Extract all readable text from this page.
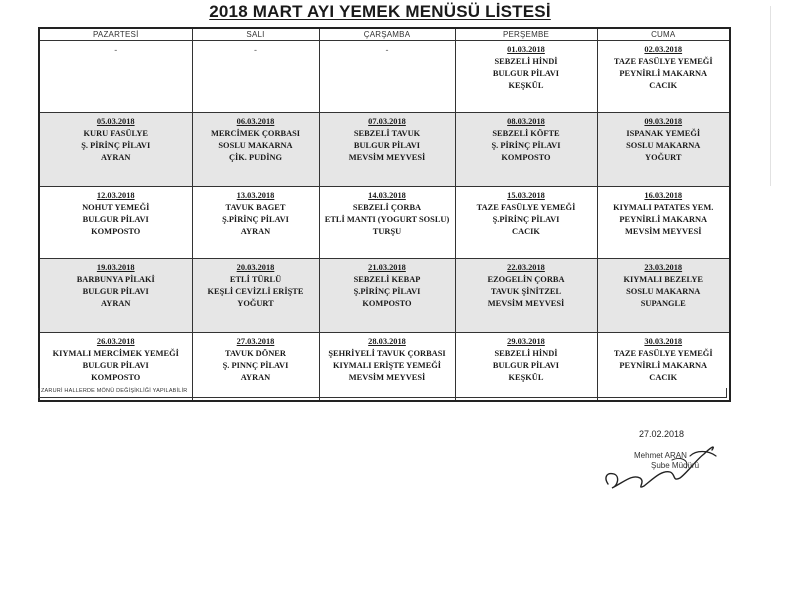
2018 MART AYI YEMEK MENÜSÜ LİSTESİ
PAZARTESİ	SALI	ÇARŞAMBA	PERŞEMBE	CUMA

-	-	-	01.03.2018
SEBZELİ HİNDİ
BULGUR PİLAVI
KEŞKÜL	02.03.2018
TAZE FASÜLYE YEMEĞİ
PEYNİRLİ MAKARNA
CACIK

05.03.2018
KURU FASÜLYE
Ş. PİRİNÇ PİLAVI
AYRAN	06.03.2018
MERCİMEK ÇORBASI
SOSLU MAKARNA
ÇİK. PUDİNG	07.03.2018
SEBZELİ TAVUK
BULGUR PİLAVI
MEVSİM MEYVESİ	08.03.2018
SEBZELİ KÖFTE
Ş. PİRİNÇ PİLAVI
KOMPOSTO	09.03.2018
ISPANAK YEMEĞİ
SOSLU MAKARNA
YOĞURT

12.03.2018
NOHUT YEMEĞİ
BULGUR PİLAVI
KOMPOSTO	13.03.2018
TAVUK BAGET
Ş.PİRİNÇ PİLAVI
AYRAN	14.03.2018
SEBZELİ ÇORBA
ETLİ MANTI (YOGURT SOSLU)
TURŞU	15.03.2018
TAZE FASÜLYE YEMEĞİ
Ş.PİRİNÇ PİLAVI
CACIK	16.03.2018
KIYMALI PATATES YEM.
PEYNİRLİ MAKARNA
MEVSİM MEYVESİ

19.03.2018
BARBUNYA PİLAKİ
BULGUR PİLAVI
AYRAN	20.03.2018
ETLİ TÜRLÜ
KEŞLİ CEVİZLİ ERİŞTE
YOĞURT	21.03.2018
SEBZELİ KEBAP
Ş.PİRİNÇ PİLAVI
KOMPOSTO	22.03.2018
EZOGELİN ÇORBA
TAVUK ŞİNİTZEL
MEVSİM MEYVESİ	23.03.2018
KIYMALI BEZELYE
SOSLU MAKARNA
SUPANGLE

26.03.2018
KIYMALI MERCİMEK YEMEĞİ
BULGUR PİLAVI
KOMPOSTO	27.03.2018
TAVUK DÖNER
Ş. PINNÇ PİLAVI
AYRAN	28.03.2018
ŞEHRİYELİ TAVUK ÇORBASI
KIYMALI ERİŞTE YEMEĞİ
MEVSİM MEYVESİ	29.03.2018
SEBZELİ HİNDİ
BULGUR PİLAVI
KEŞKÜL	30.03.2018
TAZE FASÜLYE YEMEĞİ
PEYNİRLİ MAKARNA
CACIK
ZARURİ HALLERDE MÖNÜ DEĞİŞİKLİĞİ YAPILABİLİR
27.02.2018
Mehmet ARAN
Şube Müdürü
